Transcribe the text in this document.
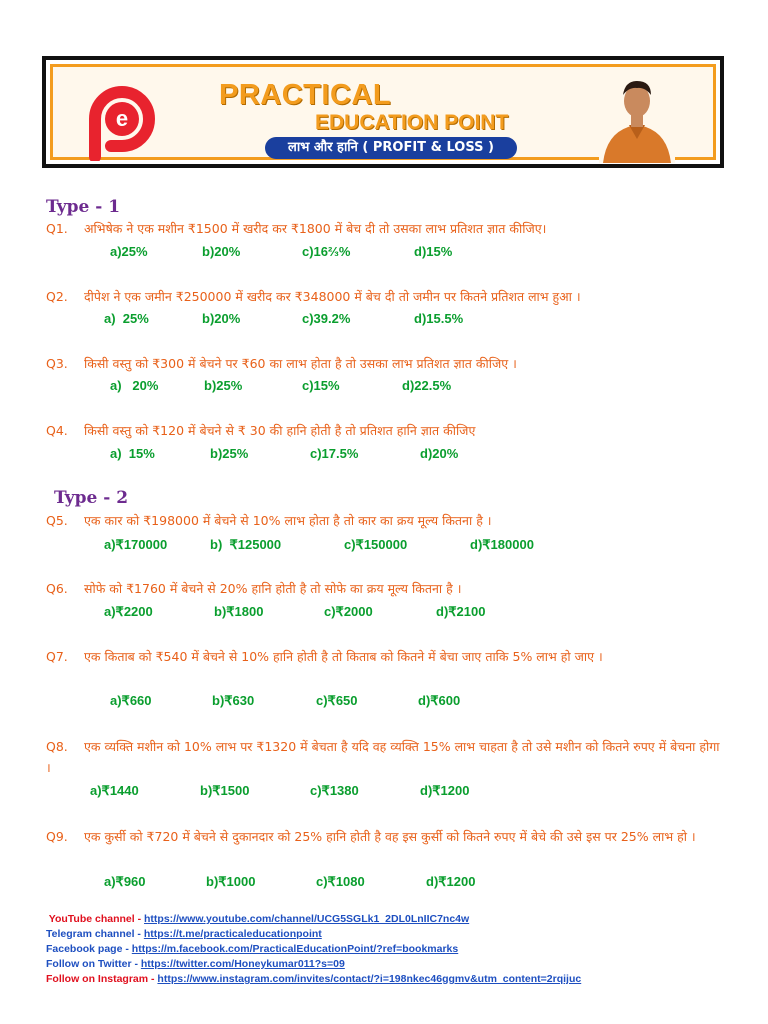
e
PRACTICAL
EDUCATION POINT
लाभ और हानि ( PROFIT & LOSS )
Type - 1
Q1. अभिषेक ने एक मशीन ₹1500 में खरीद कर ₹1800 में बेच दी तो उसका लाभ प्रतिशत ज्ञात कीजिए।
a)25%	b)20%	c)16⅔%	d)15%
Q2. दीपेश ने एक जमीन ₹250000 में खरीद कर ₹348000 में बेच दी तो जमीन पर कितने प्रतिशत लाभ हुआ ।
a)  25%	b)20%	c)39.2%	d)15.5%
Q3. किसी वस्तु को ₹300 में बेचने पर ₹60 का लाभ होता है तो उसका लाभ प्रतिशत ज्ञात कीजिए ।
a)   20%	b)25%	c)15%	d)22.5%
Q4. किसी वस्तु को ₹120 में बेचने से ₹ 30 की हानि होती है तो प्रतिशत हानि ज्ञात कीजिए
a)  15%	b)25%	c)17.5%	d)20%
Type - 2
Q5. एक कार को ₹198000 में बेचने से 10% लाभ होता है तो कार का क्रय मूल्य कितना है ।
a)₹170000	b)  ₹125000	c)₹150000	d)₹180000
Q6. सोफे को ₹1760 में बेचने से 20% हानि होती है तो सोफे का क्रय मूल्य कितना है ।
a)₹2200	b)₹1800	c)₹2000	d)₹2100
Q7. एक किताब को ₹540 में बेचने से 10% हानि होती है तो किताब को कितने में बेचा जाए ताकि 5% लाभ हो जाए ।
a)₹660	b)₹630	c)₹650	d)₹600
Q8. एक व्यक्ति मशीन को 10% लाभ पर ₹1320 में बेचता है यदि वह व्यक्ति 15% लाभ चाहता है तो उसे मशीन को कितने रुपए में बेचना होगा ।
a)₹1440	b)₹1500	c)₹1380	d)₹1200
Q9. एक कुर्सी को ₹720 में बेचने से दुकानदार को 25% हानि होती है वह इस कुर्सी को कितने रुपए में बेचे की उसे इस पर 25% लाभ हो ।
a)₹960	b)₹1000	c)₹1080	d)₹1200
YouTube channel - https://www.youtube.com/channel/UCG5SGLk1_2DL0LnIIC7nc4w
Telegram channel - https://t.me/practicaleducationpoint
Facebook page - https://m.facebook.com/PracticalEducationPoint/?ref=bookmarks
Follow on Twitter - https://twitter.com/Honeykumar011?s=09
Follow on Instagram - https://www.instagram.com/invites/contact/?i=198nkec46ggmv&utm_content=2rqijuc
